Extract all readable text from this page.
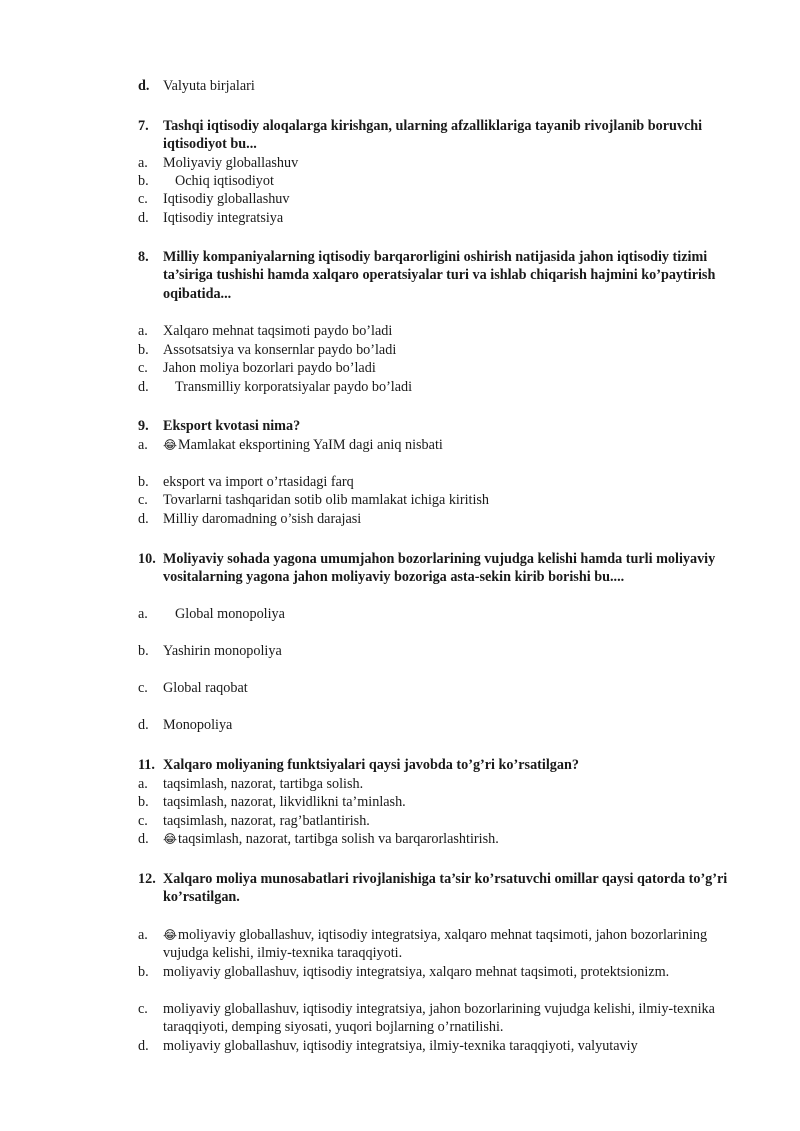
d. Valyuta birjalari
7. Tashqi iqtisodiy aloqalarga kirishgan, ularning afzalliklariga tayanib rivojlanib boruvchi iqtisodiyot bu...
a. Moliyaviy globallashuv
b. Ochiq iqtisodiyot
c. Iqtisodiy globallashuv
d. Iqtisodiy integratsiya
8. Milliy kompaniyalarning iqtisodiy barqarorligini oshirish natijasida jahon iqtisodiy tizimi ta’siriga tushishi hamda xalqaro operatsiyalar turi va ishlab chiqarish hajmini ko’paytirish oqibatida...
a. Xalqaro mehnat taqsimoti paydo bo’ladi
b. Assotsatsiya va konsernlar paydo bo’ladi
c. Jahon moliya bozorlari paydo bo’ladi
d. Transmilliy korporatsiyalar paydo bo’ladi
9. Eksport kvotasi nima?
a. 😂Mamlakat eksportining YaIM dagi aniq nisbati
b. eksport va import o’rtasidagi farq
c. Tovarlarni tashqaridan sotib olib mamlakat ichiga kiritish
d. Milliy daromadning o’sish darajasi
10. Moliyaviy sohada yagona umumjahon bozorlarining vujudga kelishi hamda turli moliyaviy vositalarning yagona jahon moliyaviy bozoriga asta-sekin kirib borishi bu....
a. Global monopoliya
b. Yashirin monopoliya
c. Global raqobat
d. Monopoliya
11. Xalqaro moliyaning funktsiyalari qaysi javobda to’g’ri ko’rsatilgan?
a. taqsimlash, nazorat, tartibga solish.
b. taqsimlash, nazorat, likvidlikni ta’minlash.
c. taqsimlash, nazorat, rag’batlantirish.
d. 😂taqsimlash, nazorat, tartibga solish va barqarorlashtirish.
12. Xalqaro moliya munosabatlari rivojlanishiga ta’sir ko’rsatuvchi omillar qaysi qatorda to’g’ri ko’rsatilgan.
a. 😂moliyaviy globallashuv, iqtisodiy integratsiya, xalqaro mehnat taqsimoti, jahon bozorlarining vujudga kelishi, ilmiy-texnika taraqqiyoti.
b. moliyaviy globallashuv, iqtisodiy integratsiya, xalqaro mehnat taqsimoti, protektsionizm.
c. moliyaviy globallashuv, iqtisodiy integratsiya, jahon bozorlarining vujudga kelishi, ilmiy-texnika taraqqiyoti, demping siyosati, yuqori bojlarning o’rnatilishi.
d. moliyaviy globallashuv, iqtisodiy integratsiya, ilmiy-texnika taraqqiyoti, valyutaviy
